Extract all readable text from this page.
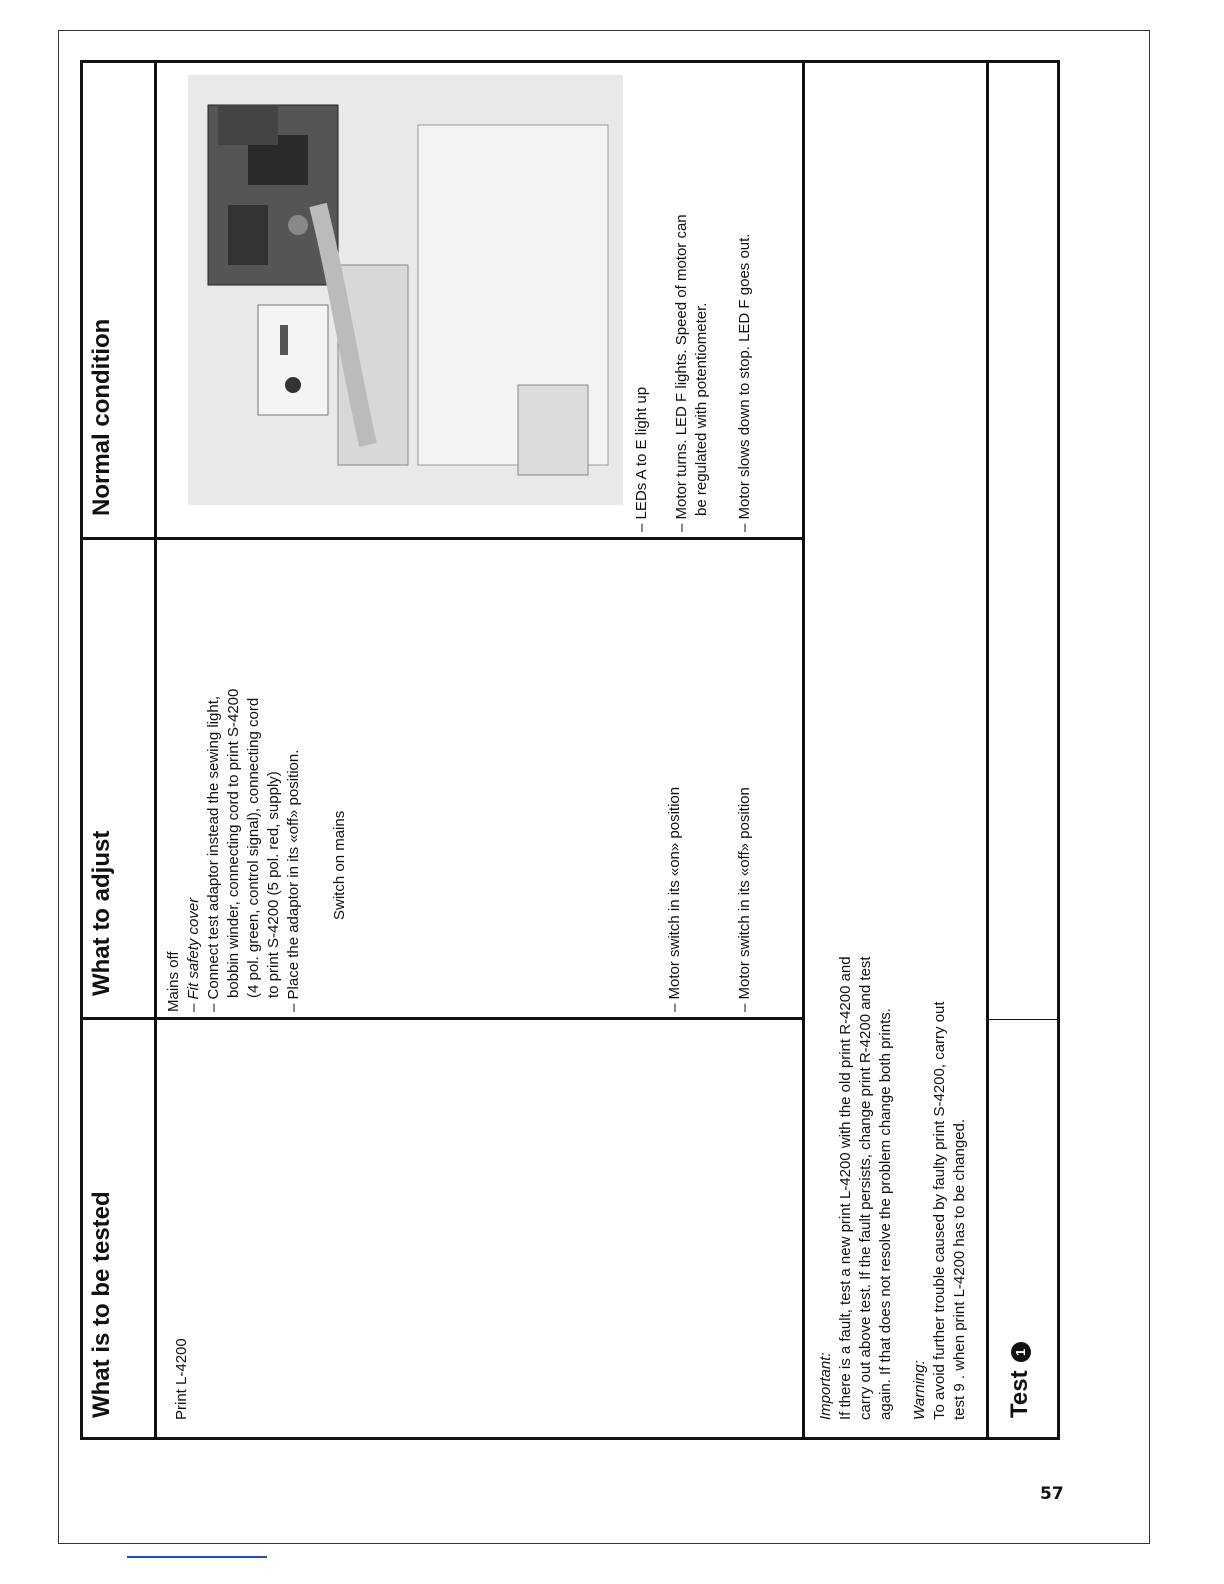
57
What is to be tested
What to adjust
Normal condition
Print L-4200
Mains off – Fit safety cover – Connect test adaptor instead the sewing light, bobbin winder, connecting cord to print S-4200 (4 pol. green, control signal), connecting cord to print S-4200 (5 pol. red, supply) – Place the adaptor in its «off» position. Switch on mains	– Motor switch in its «on» position	– Motor switch in its «off» position
– LEDs A to E light up – Motor turns. LED F lights. Speed of motor can be regulated with potentiometer. – Motor slows down to stop. LED F goes out.
Important: If there is a fault, test a new print L-4200 with the old print R-4200 and carry out above test. If the fault persists, change print R-4200 and test again. If that does not resolve the problem change both prints. Warning: To avoid further trouble caused by faulty print S-4200, carry out test 9 . when print L-4200 has to be changed. Test1
